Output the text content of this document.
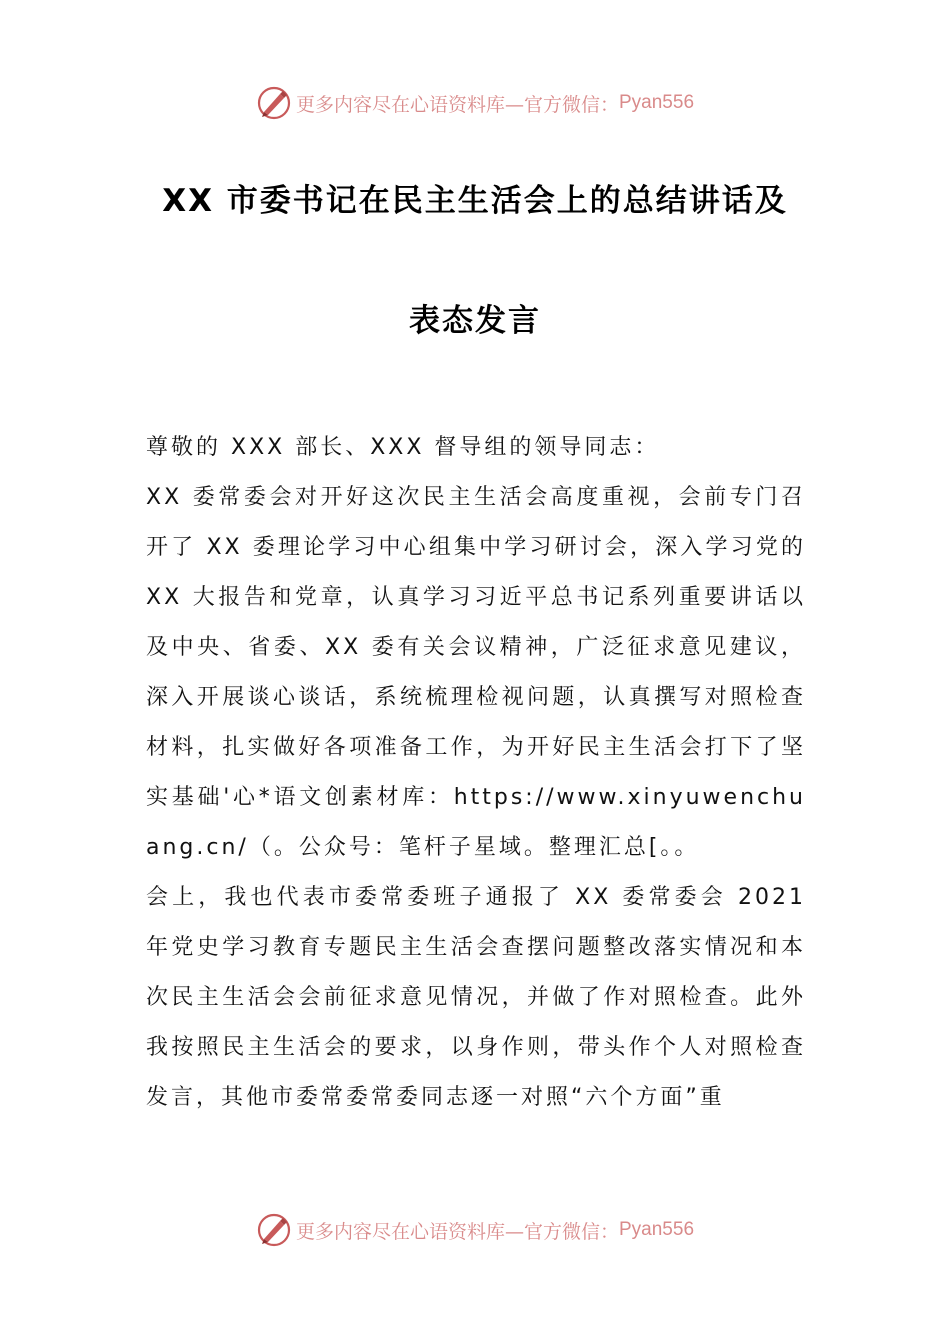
更多内容尽在心语资料库—官方微信： Pyan556
XX 市委书记在民主生活会上的总结讲话及
表态发言

尊敬的 XXX 部长、XXX 督导组的领导同志：

XX 委常委会对开好这次民主生活会高度重视，会前专门召开了 XX 委理论学习中心组集中学习研讨会，深入学习党的 XX 大报告和党章，认真学习习近平总书记系列重要讲话以及中央、省委、XX 委有关会议精神，广泛征求意见建议，深入开展谈心谈话，系统梳理检视问题，认真撰写对照检查材料，扎实做好各项准备工作，为开好民主生活会打下了坚实基础'心*语文创素材库：https://www.xinyuwenchuang.cn/（。公众号：笔杆子星域。整理汇总[。。

会上，我也代表市委常委班子通报了 XX 委常委会 2021 年党史学习教育专题民主生活会查摆问题整改落实情况和本次民主生活会会前征求意见情况，并做了作对照检查。此外我按照民主生活会的要求，以身作则，带头作个人对照检查发言，其他市委常委常委同志逐一对照“六个方面”重

更多内容尽在心语资料库—官方微信： Pyan556
